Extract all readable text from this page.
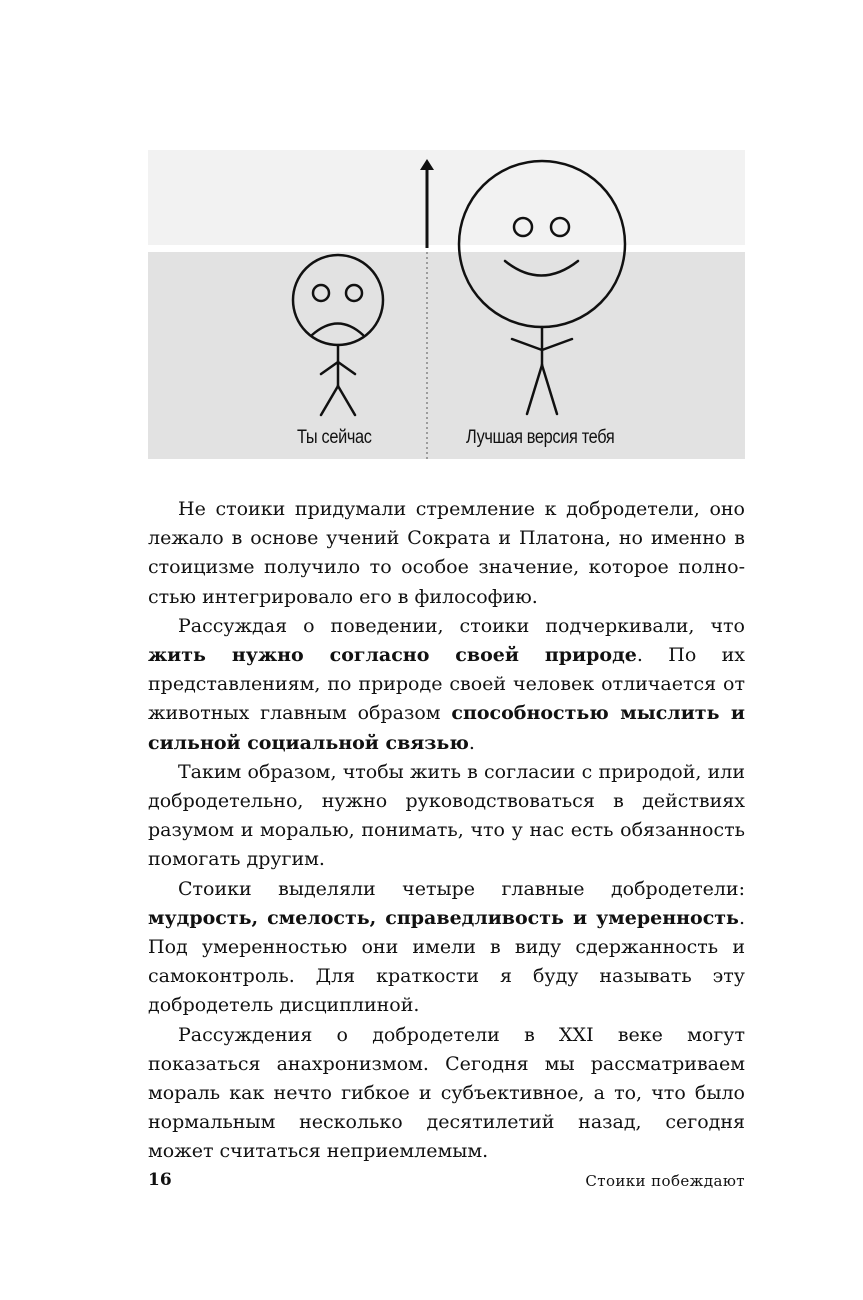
Ты сейчас	Лучшая версия тебя

Не стоики придумали стремление к добродетели, оно лежало в основе учений Сократа и Платона, но именно в стоицизме получило то особое значение, которое полностью интегрировало его в философию.

Рассуждая о поведении, стоики подчеркивали, что жить нужно согласно своей природе. По их представлениям, по природе своей человек отличается от животных главным образом способностью мыслить и сильной социальной связью.

Таким образом, чтобы жить в согласии с природой, или добродетельно, нужно руководствоваться в действиях разумом и моралью, понимать, что у нас есть обязанность помогать другим.

Стоики выделяли четыре главные добродетели: мудрость, смелость, справедливость и умеренность. Под умеренностью они имели в виду сдержанность и самоконтроль. Для краткости я буду называть эту добродетель дисциплиной.

Рассуждения о добродетели в XXI веке могут показаться анахронизмом. Сегодня мы рассматриваем мораль как нечто гибкое и субъективное, а то, что было нормальным несколько десятилетий назад, сегодня может считаться неприемлемым.

16	Стоики побеждают
